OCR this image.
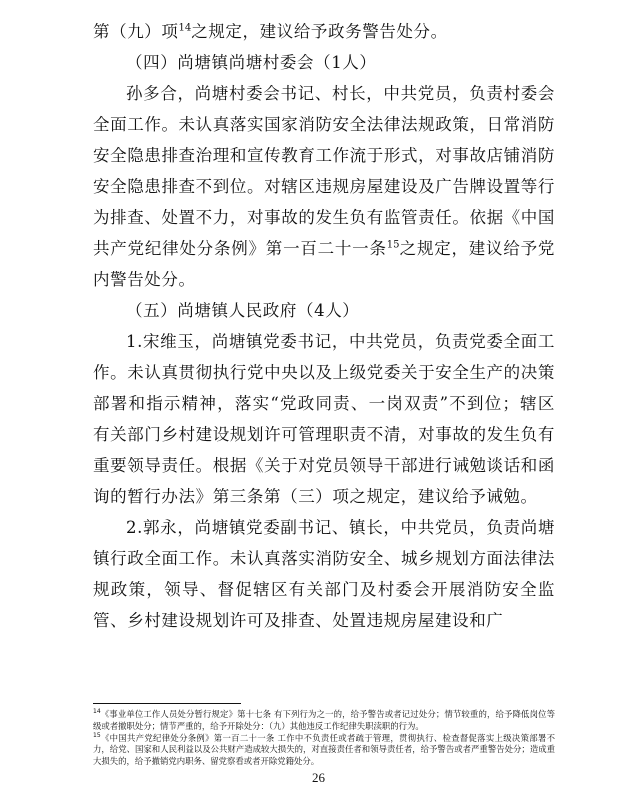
第（九）项$^{14}$之规定，建议给予政务警告处分。

（四）尚塘镇尚塘村委会（1人）

孙多合，尚塘村委会书记、村长，中共党员，负责村委会全面工作。未认真落实国家消防安全法律法规政策，日常消防安全隐患排查治理和宣传教育工作流于形式，对事故店铺消防安全隐患排查不到位。对辖区违规房屋建设及广告牌设置等行为排查、处置不力，对事故的发生负有监管责任。依据《中国共产党纪律处分条例》第一百二十一条$^{15}$之规定，建议给予党内警告处分。

（五）尚塘镇人民政府（4人）

1.宋维玉，尚塘镇党委书记，中共党员，负责党委全面工作。未认真贯彻执行党中央以及上级党委关于安全生产的决策部署和指示精神，落实“党政同责、一岗双责”不到位；辖区有关部门乡村建设规划许可管理职责不清，对事故的发生负有重要领导责任。根据《关于对党员领导干部进行诫勉谈话和函询的暂行办法》第三条第（三）项之规定，建议给予诫勉。

2.郭永，尚塘镇党委副书记、镇长，中共党员，负责尚塘镇行政全面工作。未认真落实消防安全、城乡规划方面法律法规政策，领导、督促辖区有关部门及村委会开展消防安全监管、乡村建设规划许可及排查、处置违规房屋建设和广

$^{14}$《事业单位工作人员处分暂行规定》第十七条 有下列行为之一的，给予警告或者记过处分；情节较重的，给予降低岗位等级或者撤职处分；情节严重的，给予开除处分：（九）其他违反工作纪律失职渎职的行为。

$^{15}$《中国共产党纪律处分条例》第一百二十一条 工作中不负责任或者疏于管理，贯彻执行、检查督促落实上级决策部署不力，给党、国家和人民利益以及公共财产造成较大损失的，对直接责任者和领导责任者，给予警告或者严重警告处分；造成重大损失的，给予撤销党内职务、留党察看或者开除党籍处分。

26
